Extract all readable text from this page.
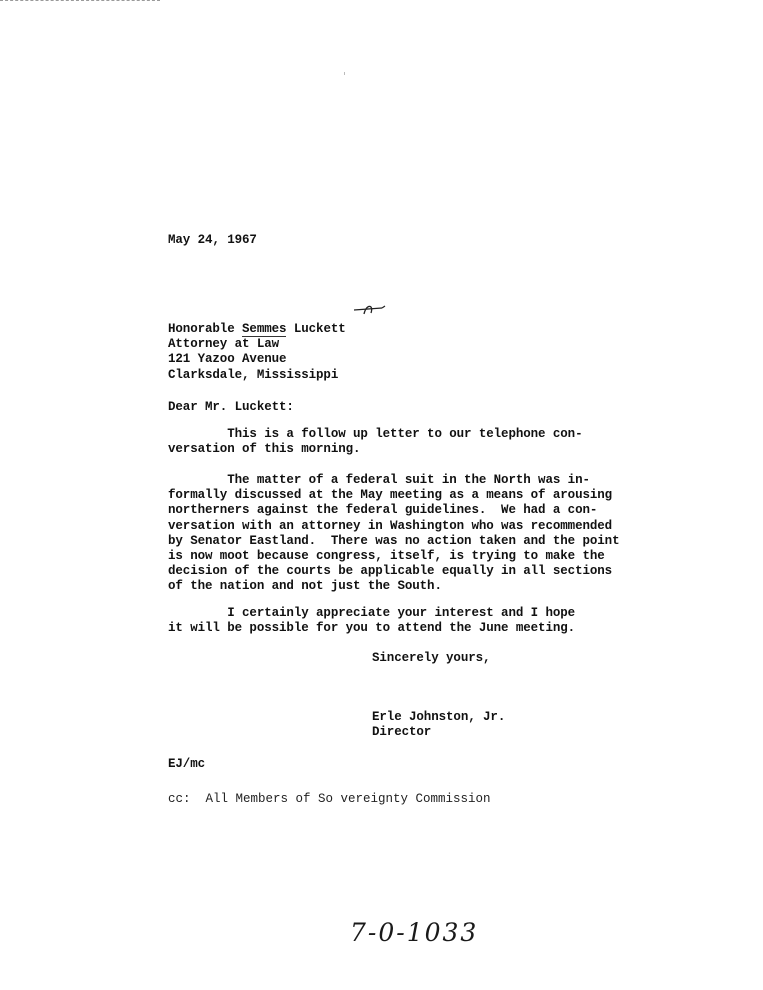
May 24, 1967
Honorable Semmes
Luckett
Attorney at Law
121 Yazoo Avenue
Clarksdale, Mississippi
Dear Mr. Luckett:
This is a follow up letter to our telephone con-
versation of this morning.
The matter of a federal suit in the North was in-
formally discussed at the May meeting as a means of arousing
northerners against the federal guidelines.  We had a con-
versation with an attorney in Washington who was recommended
by Senator Eastland.  There was no action taken and the point
is now moot because congress, itself, is trying to make the
decision of the courts be applicable equally in all sections
of the nation and not just the South.
I certainly appreciate your interest and I hope
it will be possible for you to attend the June meeting.
Sincerely yours,
Erle Johnston, Jr.
Director
EJ/mc
cc:  All Members of So vereignty Commission
7-0-1033
